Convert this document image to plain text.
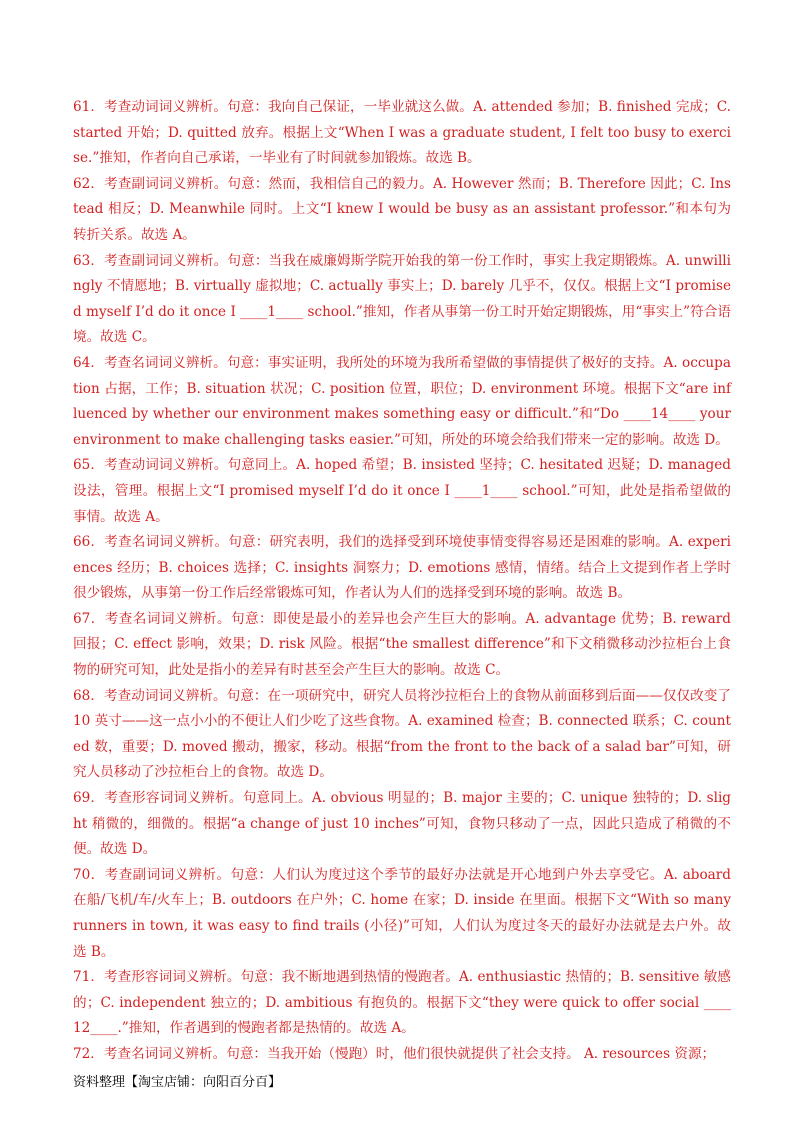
61．考查动词词义辨析。句意：我向自己保证，一毕业就这么做。A. attended 参加；B. finished 完成；C. started 开始；D. quitted 放弃。根据上文“When I was a graduate student, I felt too busy to exercise.”推知，作者向自己承诺，一毕业有了时间就参加锻炼。故选 B。

62．考查副词词义辨析。句意：然而，我相信自己的毅力。A. However 然而；B. Therefore 因此；C. Instead 相反；D. Meanwhile 同时。上文“I knew I would be busy as an assistant professor.”和本句为转折关系。故选 A。

63．考查副词词义辨析。句意：当我在威廉姆斯学院开始我的第一份工作时，事实上我定期锻炼。A. unwillingly 不情愿地；B. virtually 虚拟地；C. actually 事实上；D. barely 几乎不，仅仅。根据上文“I promised myself I’d do it once I ____1____ school.”推知，作者从事第一份工时开始定期锻炼，用“事实上”符合语境。故选 C。

64．考查名词词义辨析。句意：事实证明，我所处的环境为我所希望做的事情提供了极好的支持。A. occupation 占据，工作；B. situation 状况；C. position 位置，职位；D. environment 环境。根据下文“are influenced by whether our environment makes something easy or difficult.”和“Do ____14____ your environment to make challenging tasks easier.”可知，所处的环境会给我们带来一定的影响。故选 D。

65．考查动词词义辨析。句意同上。A. hoped 希望；B. insisted 坚持；C. hesitated 迟疑；D. managed 设法，管理。根据上文“I promised myself I’d do it once I ____1____ school.”可知，此处是指希望做的事情。故选 A。

66．考查名词词义辨析。句意：研究表明，我们的选择受到环境使事情变得容易还是困难的影响。A. experiences 经历；B. choices 选择；C. insights 洞察力；D. emotions 感情，情绪。结合上文提到作者上学时很少锻炼，从事第一份工作后经常锻炼可知，作者认为人们的选择受到环境的影响。故选 B。

67．考查名词词义辨析。句意：即使是最小的差异也会产生巨大的影响。A. advantage 优势；B. reward 回报；C. effect 影响，效果；D. risk 风险。根据“the smallest difference”和下文稍微移动沙拉柜台上食物的研究可知，此处是指小的差异有时甚至会产生巨大的影响。故选 C。

68．考查动词词义辨析。句意：在一项研究中，研究人员将沙拉柜台上的食物从前面移到后面——仅仅改变了 10 英寸——这一点小小的不便让人们少吃了这些食物。A. examined 检查；B. connected 联系；C. counted 数，重要；D. moved 搬动，搬家，移动。根据“from the front to the back of a salad bar”可知，研究人员移动了沙拉柜台上的食物。故选 D。

69．考查形容词词义辨析。句意同上。A. obvious 明显的；B. major 主要的；C. unique 独特的；D. slight 稍微的，细微的。根据“a change of just 10 inches”可知，食物只移动了一点，因此只造成了稍微的不便。故选 D。

70．考查副词词义辨析。句意：人们认为度过这个季节的最好办法就是开心地到户外去享受它。A. aboard 在船/飞机/车/火车上；B. outdoors 在户外；C. home 在家；D. inside 在里面。根据下文“With so many runners in town, it was easy to find trails (小径)”可知，人们认为度过冬天的最好办法就是去户外。故选 B。

71．考查形容词词义辨析。句意：我不断地遇到热情的慢跑者。A. enthusiastic 热情的；B. sensitive 敏感的；C. independent 独立的；D. ambitious 有抱负的。根据下文“they were quick to offer social ____12____.”推知，作者遇到的慢跑者都是热情的。故选 A。

72．考查名词词义辨析。句意：当我开始（慢跑）时，他们很快就提供了社会支持。 A. resources 资源；

资料整理【淘宝店铺：向阳百分百】
